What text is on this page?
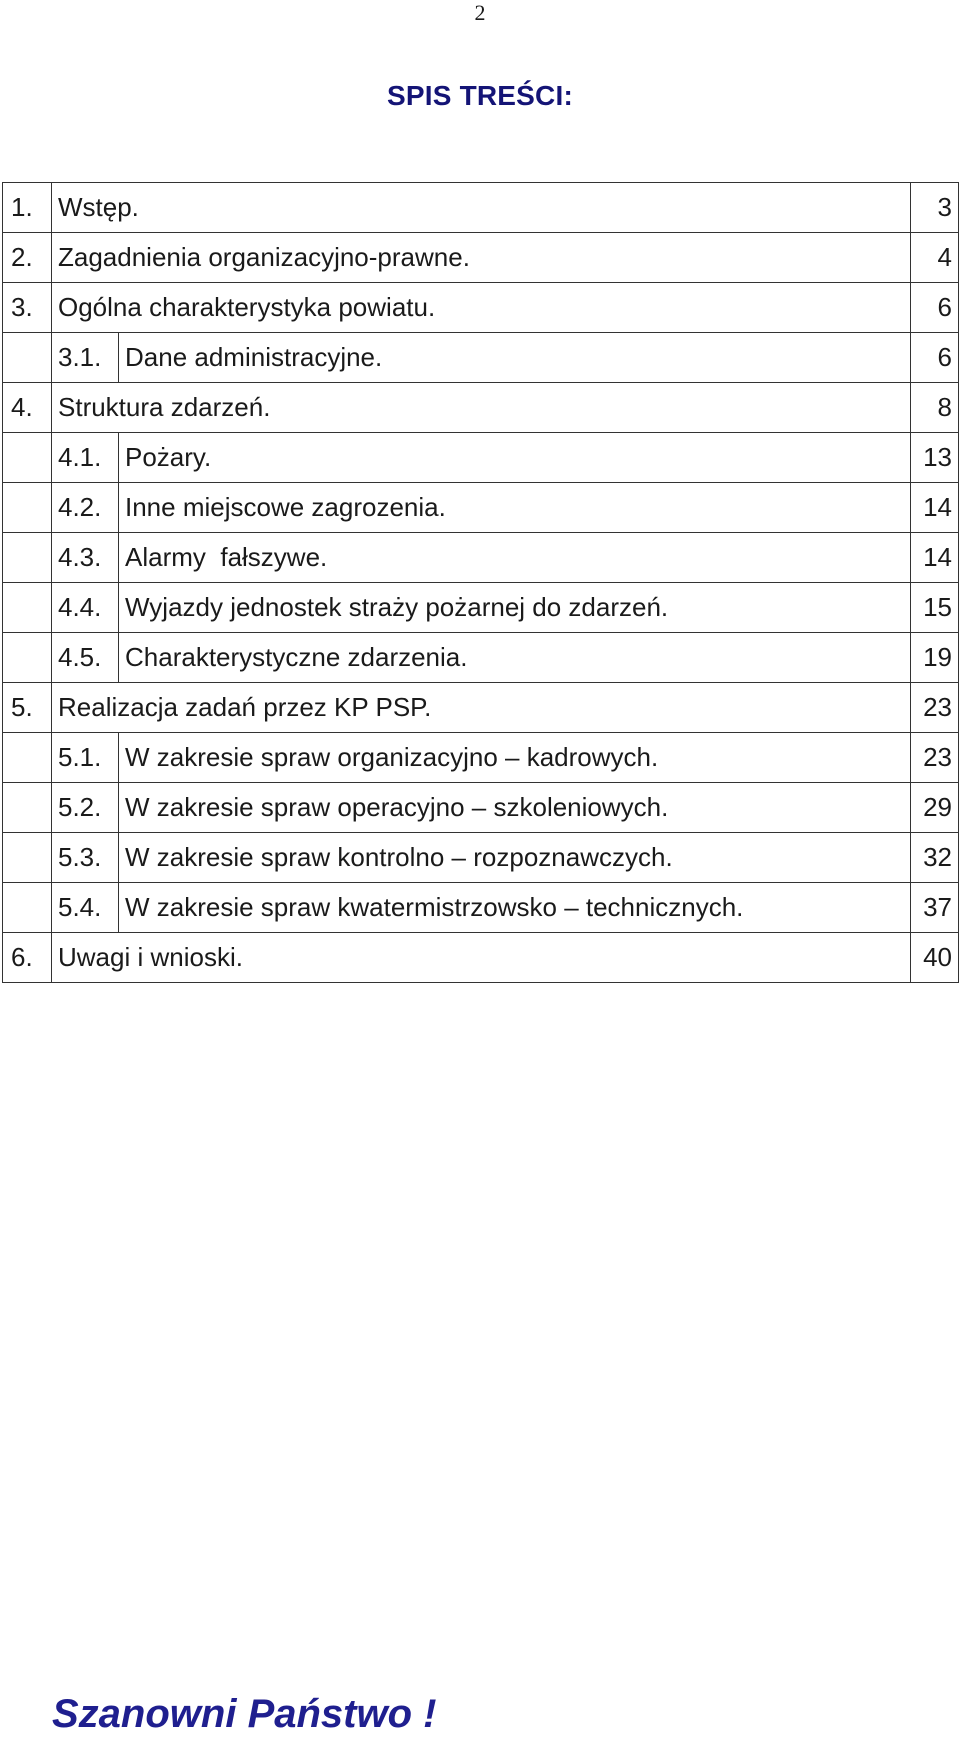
2
SPIS TREŚCI:
1.	Wstęp.		3
2.	Zagadnienia organizacyjno-prawne.		4
3.	Ogólna charakterystyka powiatu.		6
	3.1.	Dane administracyjne.	6
4.	Struktura zdarzeń.		8
	4.1.	Pożary.	13
	4.2.	Inne miejscowe zagrozenia.	14
	4.3.	Alarmy  fałszywe.	14
	4.4.	Wyjazdy jednostek straży pożarnej do zdarzeń.	15
	4.5.	Charakterystyczne zdarzenia.	19
5.	Realizacja zadań przez KP PSP.		23
	5.1.	W zakresie spraw organizacyjno – kadrowych.	23
	5.2.	W zakresie spraw operacyjno – szkoleniowych.	29
	5.3.	W zakresie spraw kontrolno – rozpoznawczych.	32
	5.4.	W zakresie spraw kwatermistrzowsko – technicznych.	37
6.	Uwagi i wnioski.		40
Szanowni Państwo !
